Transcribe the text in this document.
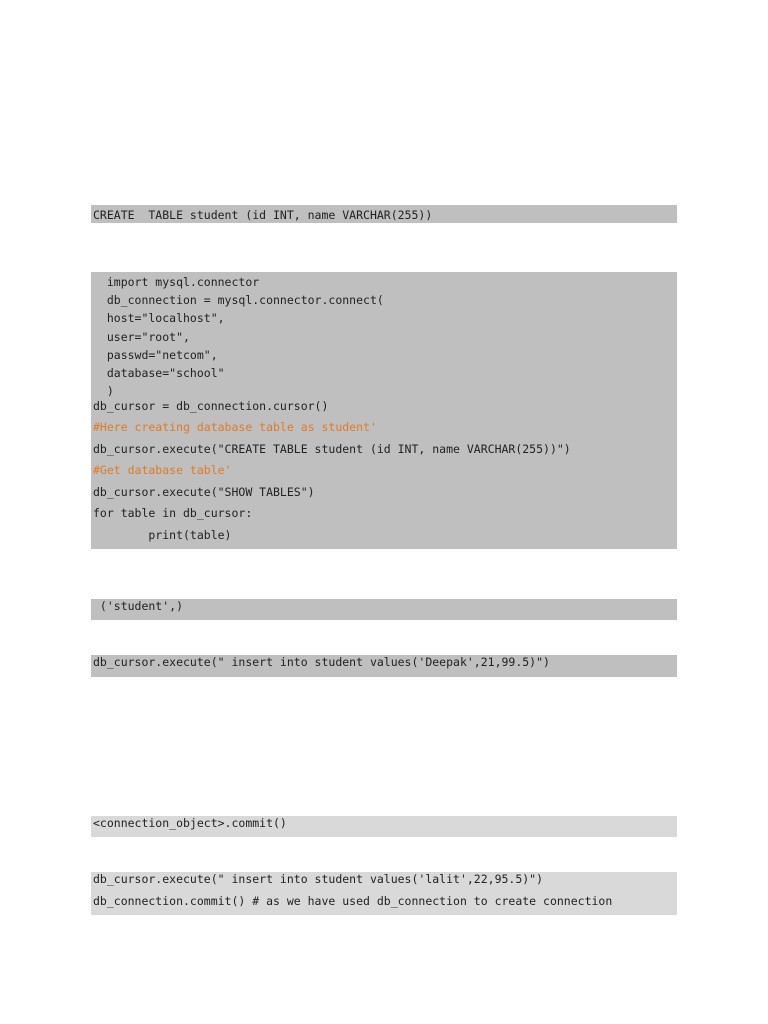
CREATE  TABLE student (id INT, name VARCHAR(255))
import mysql.connector
db_connection = mysql.connector.connect(
host="localhost",
user="root",
passwd="netcom",
database="school"
)
db_cursor = db_connection.cursor()
#Here creating database table as student'
db_cursor.execute("CREATE TABLE student (id INT, name VARCHAR(255))")
#Get database table'
db_cursor.execute("SHOW TABLES")
for table in db_cursor:
print(table)
('student',)
db_cursor.execute(" insert into student values('Deepak',21,99.5)")
<connection_object>.commit()
db_cursor.execute(" insert into student values('lalit',22,95.5)")
db_connection.commit() # as we have used db_connection to create connection
